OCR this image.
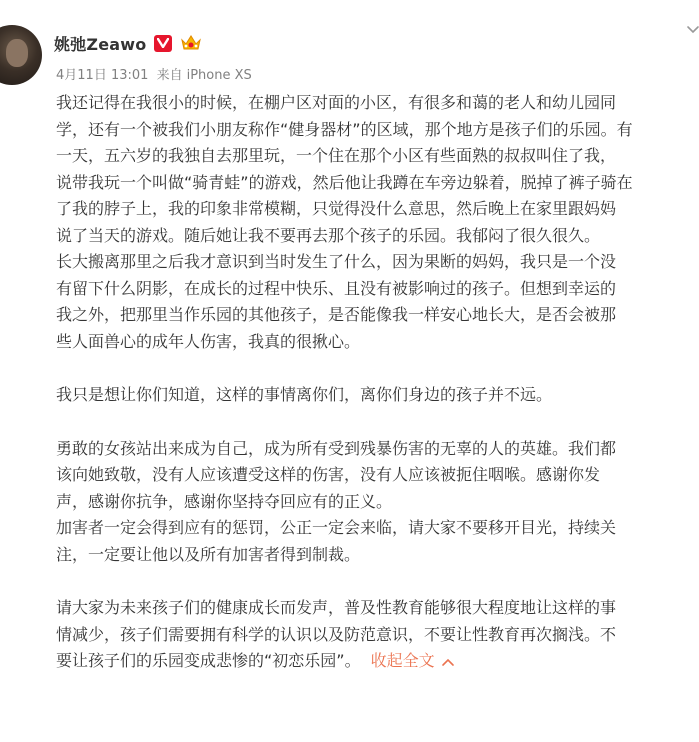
姚弛Zeawo
4月11日 13:01 来自 iPhone XS

我还记得在我很小的时候，在棚户区对面的小区，有很多和蔼的老人和幼儿园同

学，还有一个被我们小朋友称作“健身器材”的区域，那个地方是孩子们的乐园。有

一天，五六岁的我独自去那里玩，一个住在那个小区有些面熟的叔叔叫住了我，

说带我玩一个叫做“骑青蛙”的游戏，然后他让我蹲在车旁边躲着，脱掉了裤子骑在

了我的脖子上，我的印象非常模糊，只觉得没什么意思，然后晚上在家里跟妈妈

说了当天的游戏。随后她让我不要再去那个孩子的乐园。我郁闷了很久很久。

长大搬离那里之后我才意识到当时发生了什么，因为果断的妈妈，我只是一个没

有留下什么阴影，在成长的过程中快乐、且没有被影响过的孩子。但想到幸运的

我之外，把那里当作乐园的其他孩子，是否能像我一样安心地长大，是否会被那

些人面兽心的成年人伤害，我真的很揪心。

我只是想让你们知道，这样的事情离你们，离你们身边的孩子并不远。

勇敢的女孩站出来成为自己，成为所有受到残暴伤害的无辜的人的英雄。我们都

该向她致敬，没有人应该遭受这样的伤害，没有人应该被扼住咽喉。感谢你发

声，感谢你抗争，感谢你坚持夺回应有的正义。

加害者一定会得到应有的惩罚，公正一定会来临，请大家不要移开目光，持续关

注，一定要让他以及所有加害者得到制裁。

请大家为未来孩子们的健康成长而发声，普及性教育能够很大程度地让这样的事

情减少，孩子们需要拥有科学的认识以及防范意识，不要让性教育再次搁浅。不

要让孩子们的乐园变成悲惨的“初恋乐园”。 收起全文
